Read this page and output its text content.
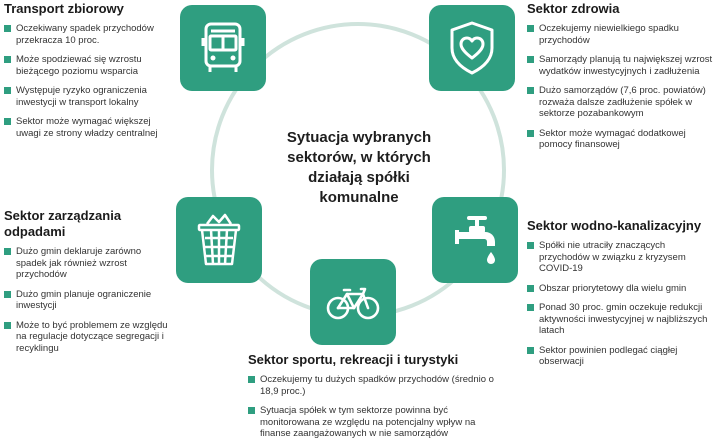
Sytuacja wybranych sektorów, w których działają spółki komunalne
Transport zbiorowy
Oczekiwany spadek przychodów przekracza 10 proc.
Może spodziewać się wzrostu bieżącego poziomu wsparcia
Występuje ryzyko ograniczenia inwestycji w transport lokalny
Sektor może wymagać większej uwagi ze strony władzy centralnej
Sektor zdrowia
Oczekujemy niewielkiego spadku przychodów
Samorządy planują tu największej wzrost wydatków inwestycyjnych i zadłużenia
Dużo samorządów (7,6 proc. powiatów) rozważa dalsze zadłużenie spółek w sektorze pozabankowym
Sektor może wymagać dodatkowej pomocy finansowej
Sektor zarządzania odpadami
Dużo gmin deklaruje zarówno spadek jak również wzrost przychodów
Dużo gmin planuje ograniczenie inwestycji
Może to być problemem ze względu na regulacje dotyczące segregacji i recyklingu
Sektor wodno-kanalizacyjny
Spółki nie utraciły znaczących przychodów w związku z kryzysem COVID-19
Obszar priorytetowy dla wielu gmin
Ponad 30 proc. gmin oczekuje redukcji aktywności inwestycyjnej w najbliższych latach
Sektor powinien podlegać ciągłej obserwacji
Sektor sportu, rekreacji i turystyki
Oczekujemy tu dużych spadków przychodów (średnio o 18,9 proc.)
Sytuacja spółek w tym sektorze powinna być monitorowana ze względu na potencjalny wpływ na finanse zaangażowanych w nie samorządów
